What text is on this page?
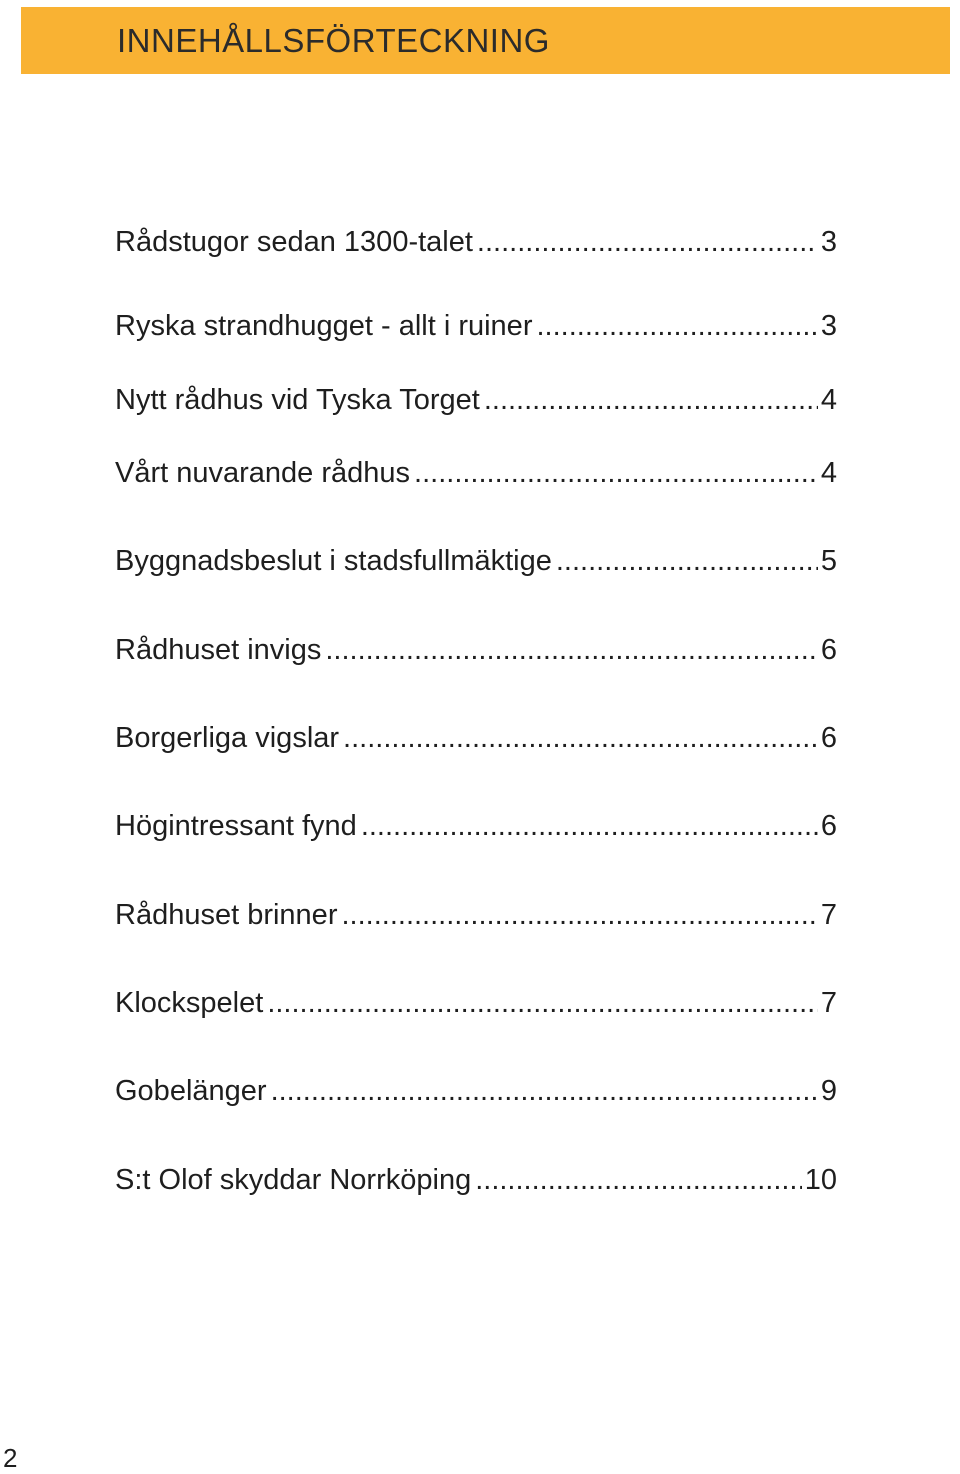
INNEHÅLLSFÖRTECKNING
Rådstugor sedan 1300-talet .....	3
Ryska strandhugget - allt i ruiner .....	3
Nytt rådhus vid Tyska Torget .....	4
Vårt nuvarande rådhus .....	4
Byggnadsbeslut i stadsfullmäktige .....	5
Rådhuset invigs .....	6
Borgerliga vigslar .....	6
Högintressant fynd .....	6
Rådhuset brinner .....	7
Klockspelet .....	7
Gobelänger .....	9
S:t Olof skyddar Norrköping .....	10
2
